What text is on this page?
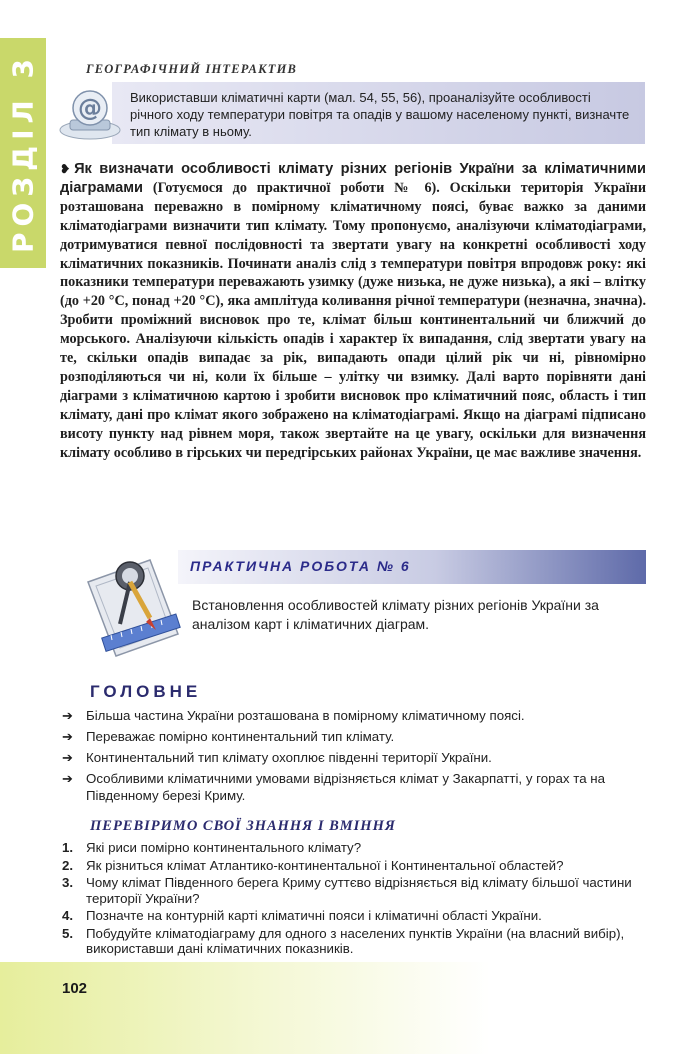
РОЗДІЛ 3	ГЕОГРАФІЧНИЙ ІНТЕРАКТИВ
@ Використавши кліматичні карти (мал. 54, 55, 56), проаналізуйте особливості річного ходу температури повітря та опадів у вашому населеному пункті, визначте тип клімату в ньому.
❥ Як визначати особливості клімату різних регіонів України за кліматичними діаграмами (Готуємося до практичної роботи № 6). Оскільки територія України розташована переважно в помірному кліматичному поясі, буває важко за даними кліматодіаграми визначити тип клімату. Тому пропонуємо, аналізуючи кліматодіаграми, дотримуватися певної послідовності та звертати увагу на конкретні особливості ходу кліматичних показників. Починати аналіз слід з температури повітря впродовж року: які показники температури переважають узимку (дуже низька, не дуже низька), а які – влітку (до +20 °С, понад +20 °С), яка амплітуда коливання річної температури (незначна, значна). Зробити проміжний висновок про те, клімат більш континентальний чи ближчий до морського. Аналізуючи кількість опадів і характер їх випадання, слід звертати увагу на те, скільки опадів випадає за рік, випадають опади цілий рік чи ні, рівномірно розподіляються чи ні, коли їх більше – улітку чи взимку. Далі варто порівняти дані діаграми з кліматичною картою і зробити висновок про кліматичний пояс, область і тип клімату, дані про клімат якого зображено на кліматодіаграмі. Якщо на діаграмі підписано висоту пункту над рівнем моря, також звертайте на це увагу, оскільки для визначення клімату особливо в гірських чи передгірських районах України, це має важливе значення.
ПРАКТИЧНА РОБОТА № 6
Встановлення особливостей клімату різних регіонів України за аналізом карт і кліматичних діаграм.
ГОЛОВНЕ
➔ Більша частина України розташована в помірному кліматичному поясі.
➔ Переважає помірно континентальний тип клімату.
➔ Континентальний тип клімату охоплює південні території України.
➔ Особливими кліматичними умовами відрізняється клімат у Закарпатті, у горах та на Південному березі Криму.
ПЕРЕВІРИМО СВОЇ ЗНАННЯ І ВМІННЯ
1. Які риси помірно континентального клімату?
2. Як різниться клімат Атлантико-континентальної і Континентальної областей?
3. Чому клімат Південного берега Криму суттєво відрізняється від клімату більшої частини території України?
4. Позначте на контурній карті кліматичні пояси і кліматичні області України.
5. Побудуйте кліматодіаграму для одного з населених пунктів України (на власний вибір), використавши дані кліматичних показників.
102
